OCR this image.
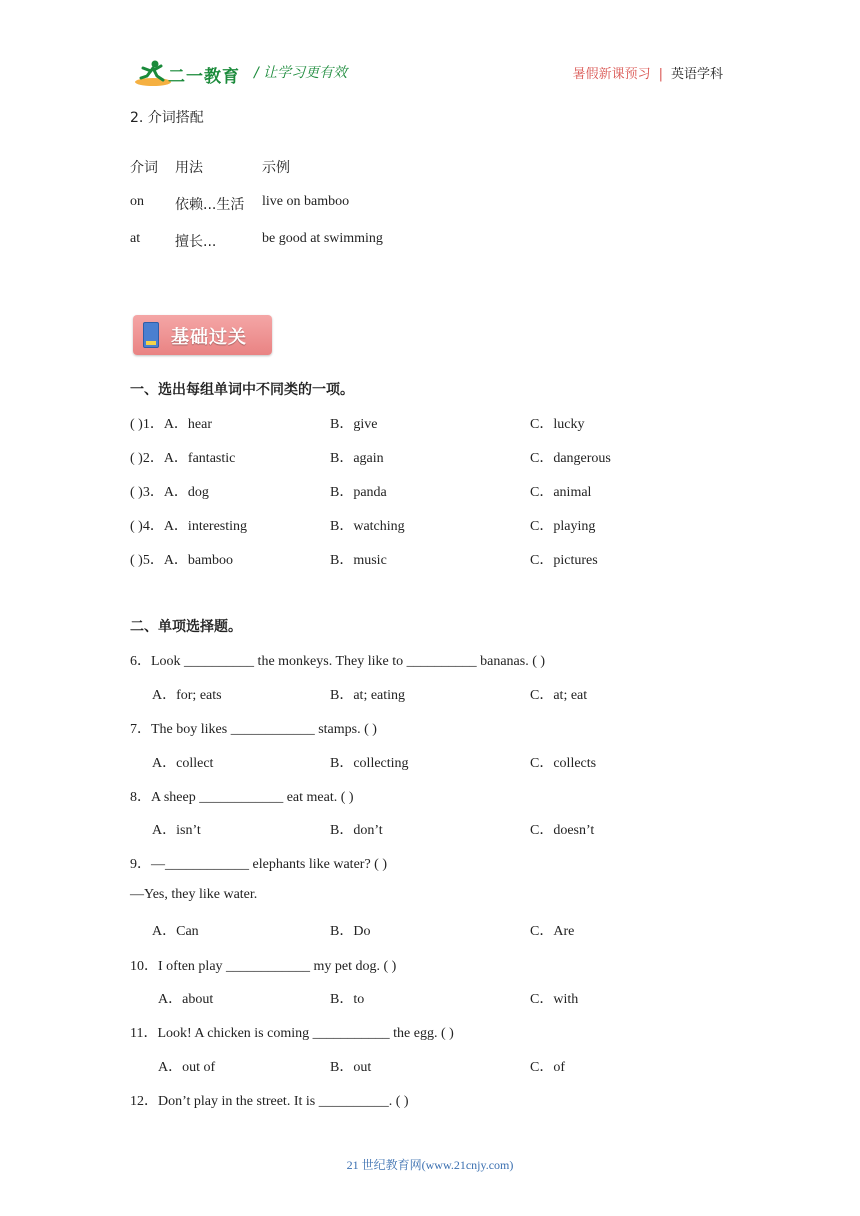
二一教育 / 让学习更有效	暑假新课预习 | 英语学科
2. 介词搭配
介词 用法	示例
on 依赖...生活 live on bamboo
at 擅长...	be good at swimming
基础过关
一、选出每组单词中不同类的一项。
( )1．A．hear	B．give	C．lucky
( )2．A．fantastic	B．again	C．dangerous
( )3．A．dog	B．panda	C．animal
( )4．A．interesting	B．watching	C．playing
( )5．A．bamboo	B．music	C．pictures
二、单项选择题。
6．Look __________ the monkeys. They like to __________ bananas. ( )
A．for; eats	B．at; eating	C．at; eat
7．The boy likes ____________ stamps. ( )
A．collect	B．collecting	C．collects
8．A sheep ____________ eat meat. ( )
A．isn’t	B．don’t	C．doesn’t
9．—____________ elephants like water? ( )
—Yes, they like water.
A．Can	B．Do	C．Are
10．I often play ____________ my pet dog. ( )
A．about	B．to	C．with
11．Look! A chicken is coming ___________ the egg. ( )
A．out of	B．out	C．of
12．Don’t play in the street. It is __________. ( )
21 世纪教育网(www.21cnjy.com)
